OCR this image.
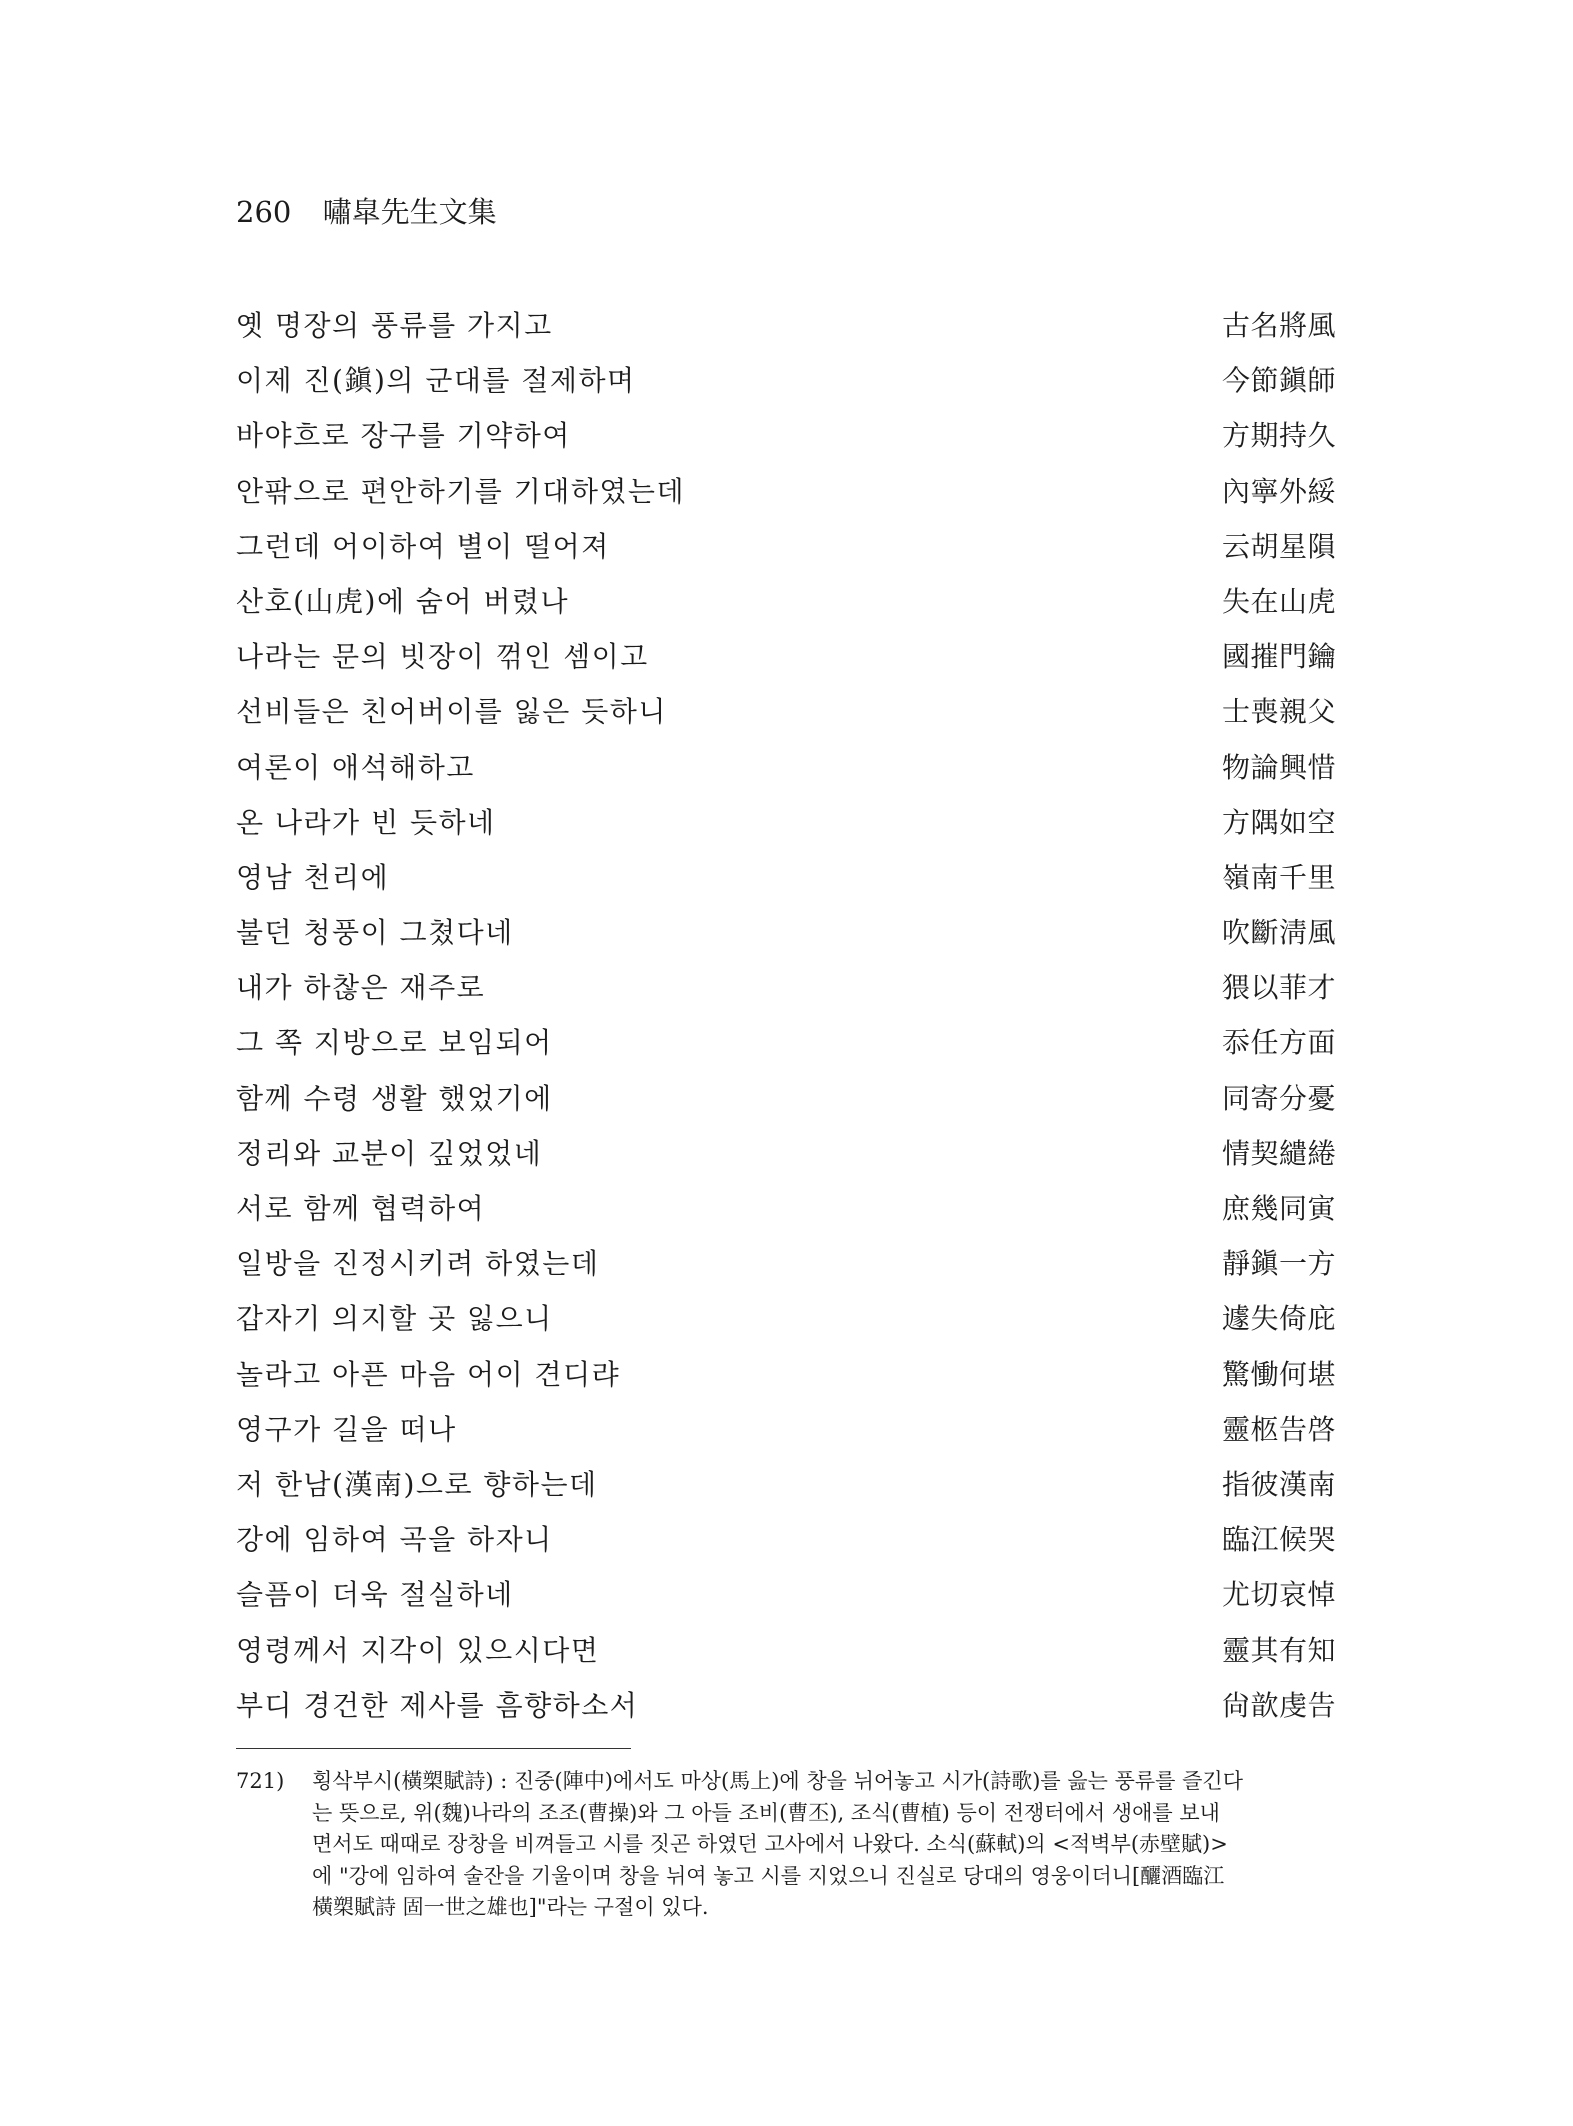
260 嘯皐先生文集
옛 명장의 풍류를 가지고	古名將風
이제 진(鎭)의 군대를 절제하며	今節鎭師
바야흐로 장구를 기약하여	方期持久
안팎으로 편안하기를 기대하였는데	內寧外綏
그런데 어이하여 별이 떨어져	云胡星隕
산호(山虎)에 숨어 버렸나	失在山虎
나라는 문의 빗장이 꺾인 셈이고	國摧門鑰
선비들은 친어버이를 잃은 듯하니	士喪親父
여론이 애석해하고	物論興惜
온 나라가 빈 듯하네	方隅如空
영남 천리에	嶺南千里
불던 청풍이 그쳤다네	吹斷淸風
내가 하찮은 재주로	猥以菲才
그 쪽 지방으로 보임되어	忝任方面
함께 수령 생활 했었기에	同寄分憂
정리와 교분이 깊었었네	情契繾綣
서로 함께 협력하여	庶幾同寅
일방을 진정시키려 하였는데	靜鎭一方
갑자기 의지할 곳 잃으니	遽失倚庇
놀라고 아픈 마음 어이 견디랴	驚慟何堪
영구가 길을 떠나	靈柩告啓
저 한남(漢南)으로 향하는데	指彼漢南
강에 임하여 곡을 하자니	臨江候哭
슬픔이 더욱 절실하네	尤切哀悼
영령께서 지각이 있으시다면	靈其有知
부디 경건한 제사를 흠향하소서	尙歆虔告
721) 횡삭부시(橫槊賦詩) : 진중(陣中)에서도 마상(馬上)에 창을 뉘어놓고 시가(詩歌)를 읊는 풍류를 즐긴다
는 뜻으로, 위(魏)나라의 조조(曹操)와 그 아들 조비(曹丕), 조식(曹植) 등이 전쟁터에서 생애를 보내
면서도 때때로 장창을 비껴들고 시를 짓곤 하였던 고사에서 나왔다. 소식(蘇軾)의 <적벽부(赤壁賦)>
에 "강에 임하여 술잔을 기울이며 창을 뉘여 놓고 시를 지었으니 진실로 당대의 영웅이더니[釃酒臨江
橫槊賦詩 固一世之雄也]"라는 구절이 있다.
